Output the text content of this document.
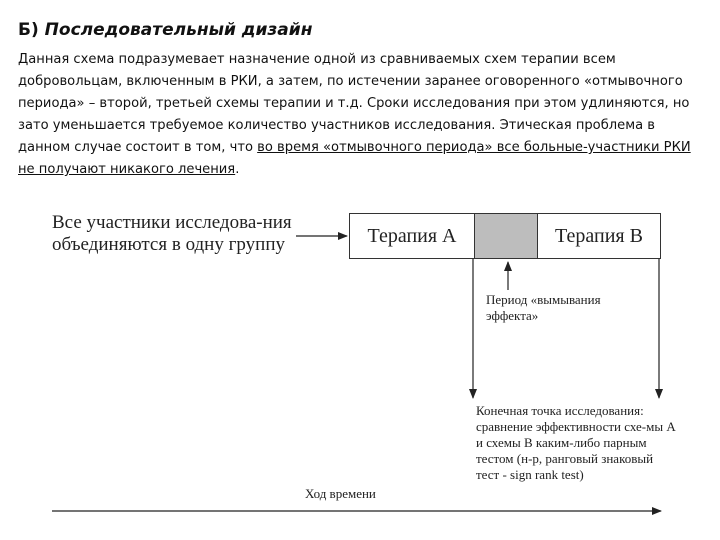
Б) Последовательный дизайн
Данная схема подразумевает назначение одной из сравниваемых схем терапии всем добровольцам, включенным в РКИ, а затем, по истечении заранее оговоренного «отмывочного периода» – второй, третьей схемы терапии и т.д. Сроки исследования при этом удлиняются, но зато уменьшается требуемое количество участников исследования. Этическая проблема в данном случае состоит в том, что во время «отмывочного периода» все больные-участники РКИ не получают никакого лечения.
Все участники исследова-ния объединяются в одну группу	Терапия А	Терапия В
Период «вымывания эффекта»
Конечная точка исследования: сравнение эффективности схе-мы А и схемы В каким-либо парным тестом (н-р, ранговый знаковый тест - sign rank test)
Ход времени
